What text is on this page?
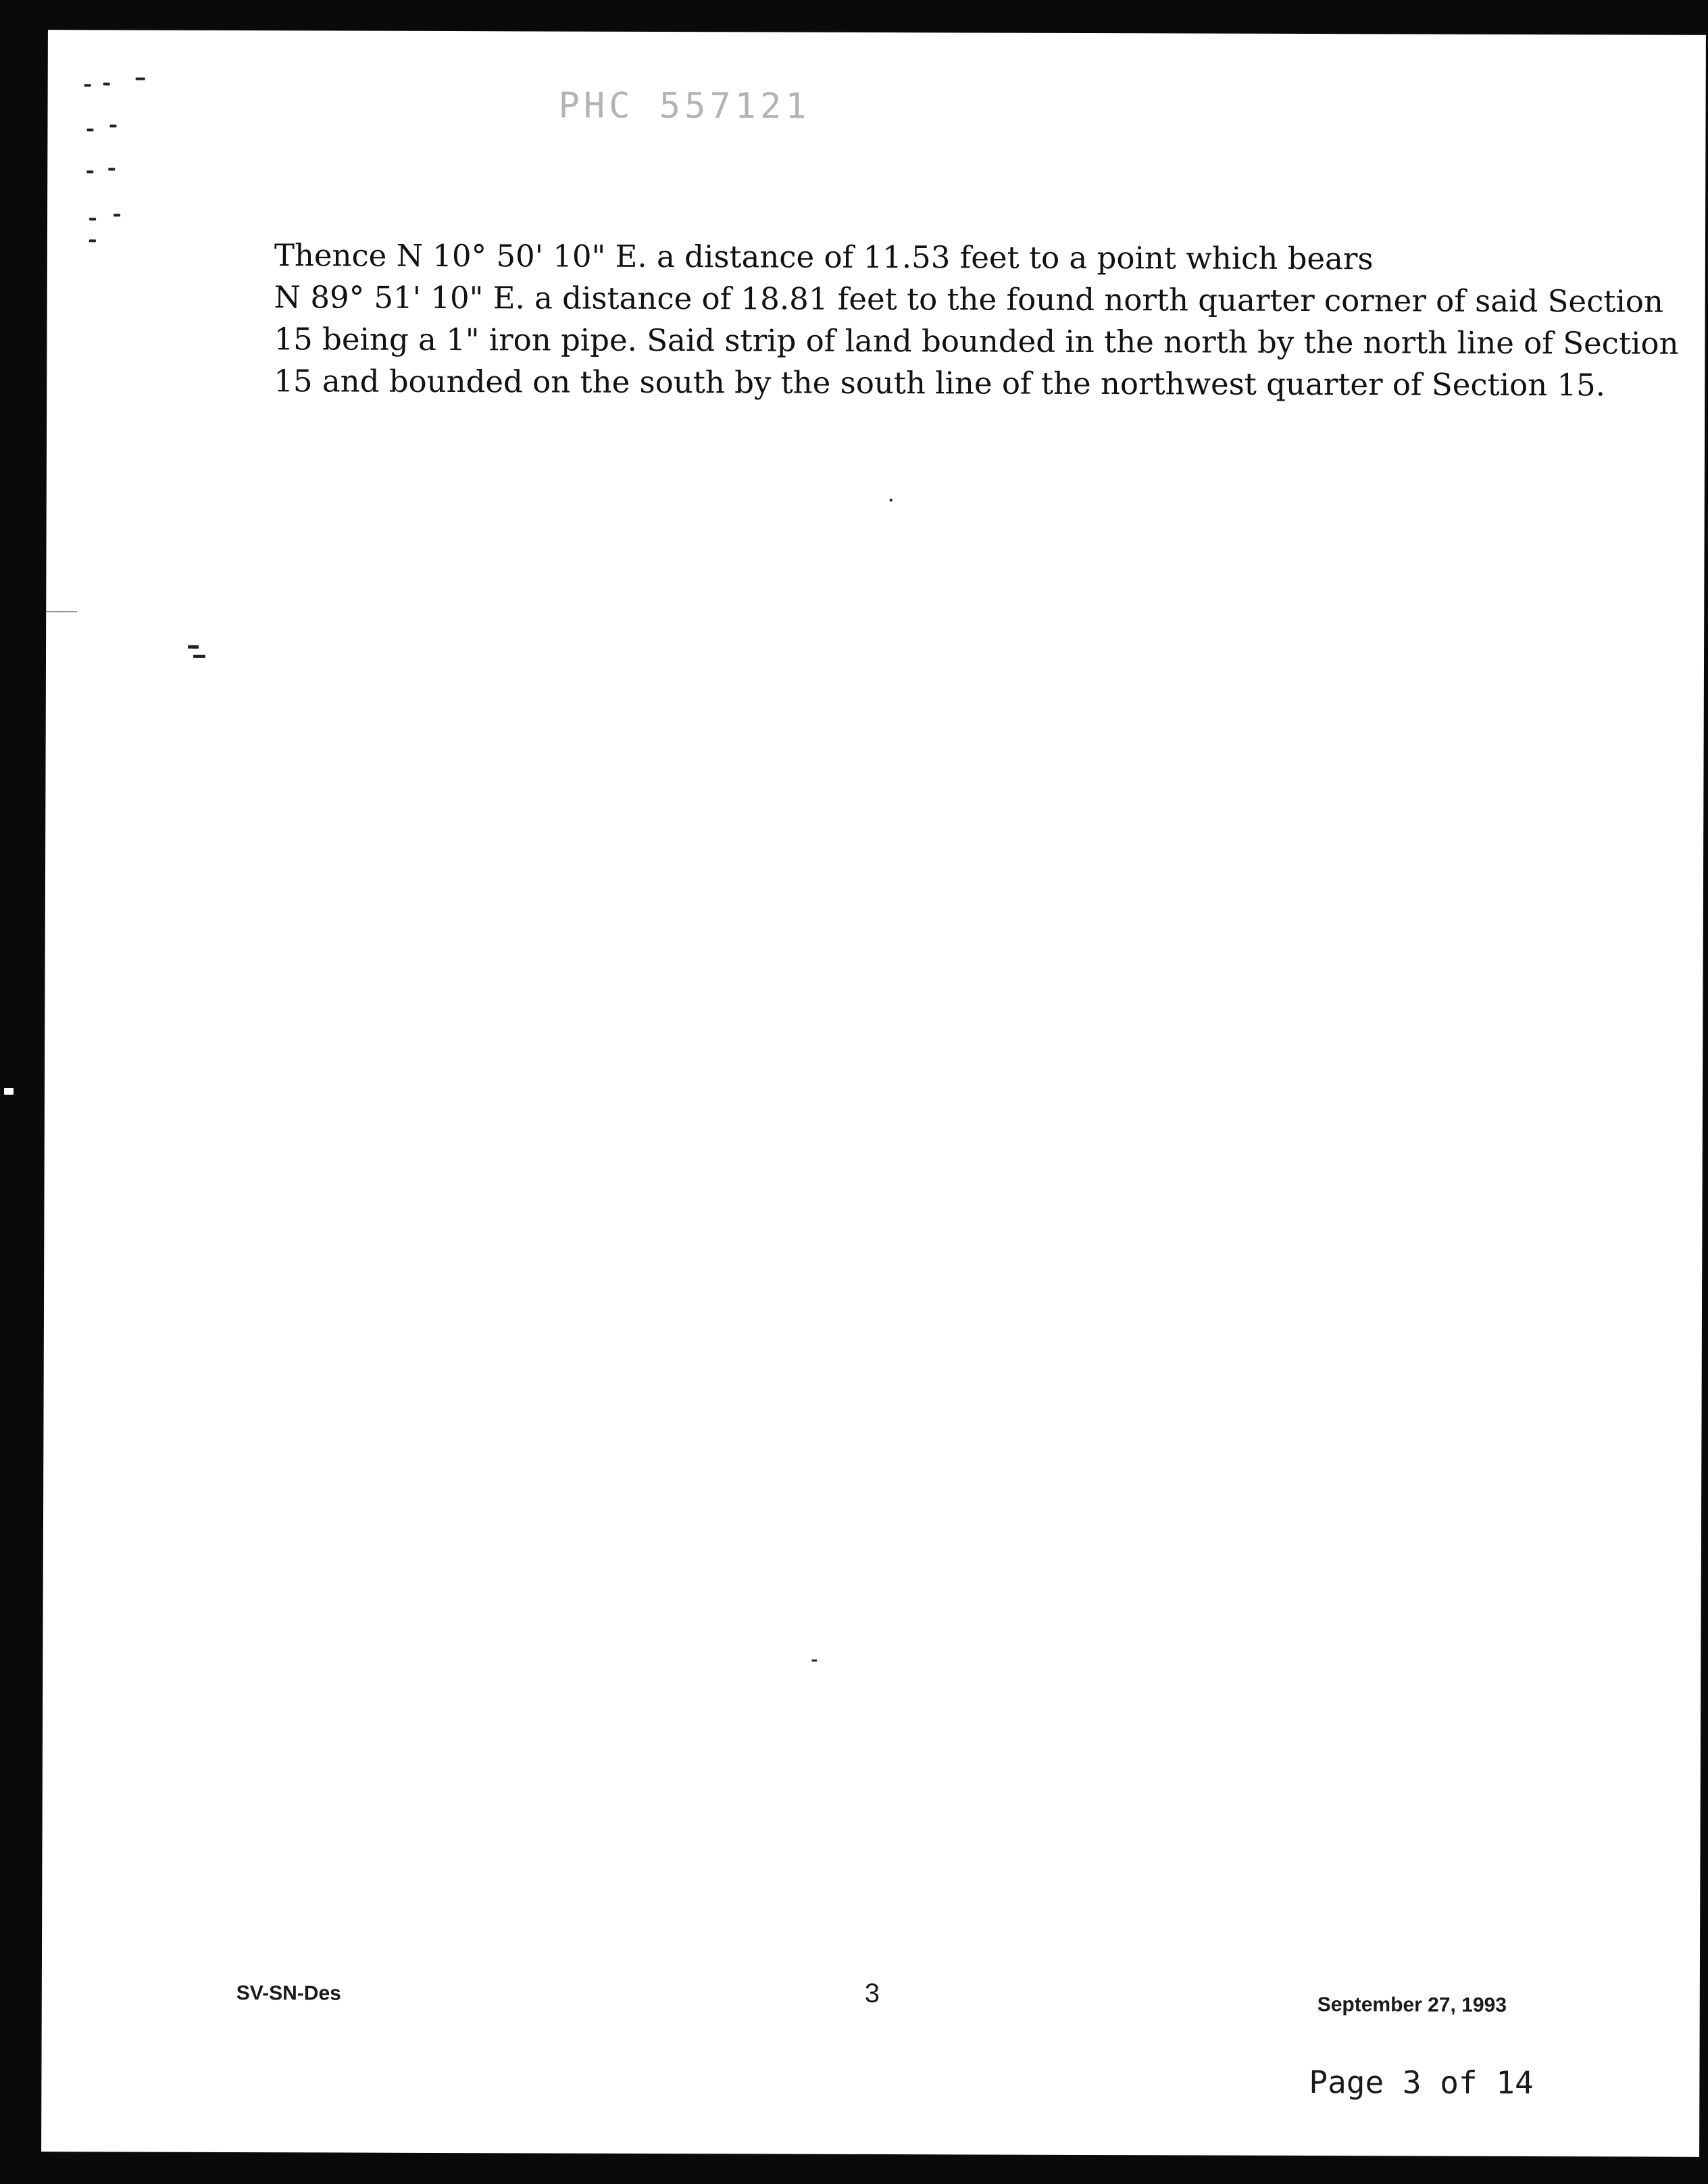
PHC 557121
Thence N 10° 50' 10" E. a distance of 11.53 feet to a point which bears
N 89° 51' 10" E. a distance of 18.81 feet to the found north quarter corner of said Section
15 being a 1" iron pipe. Said strip of land bounded in the north by the north line of Section
15 and bounded on the south by the south line of the northwest quarter of Section 15.
SV-SN-Des	3	September 27, 1993
Page 3 of 14
